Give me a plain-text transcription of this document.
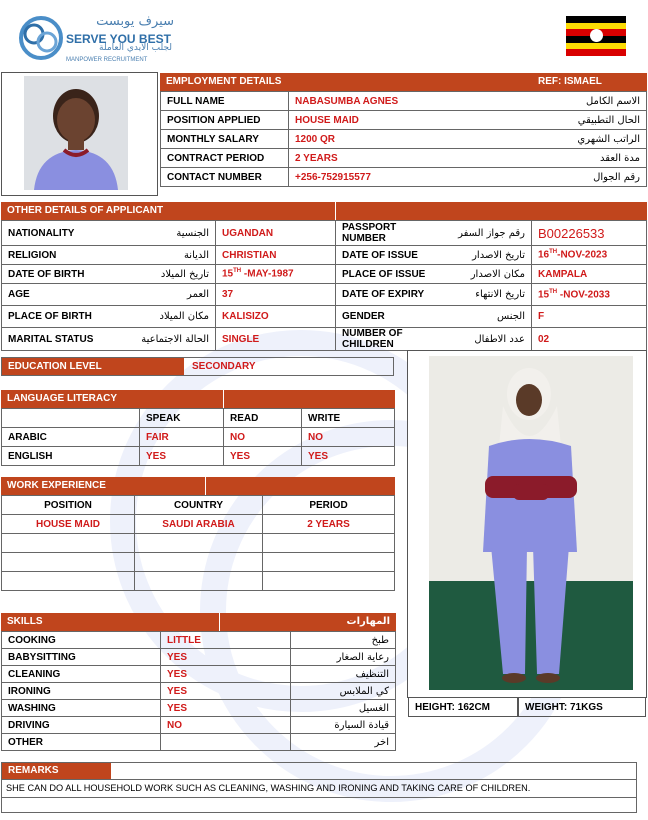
سيرف يوبست
SERVE YOU BEST
لجلب الايدي العاملة
MANPOWER RECRUITMENT
EMPLOYMENT DETAILS	REF: ISMAEL
FULL NAME	NABASUMBA AGNES	الاسم الكامل
POSITION APPLIED	HOUSE MAID	الحال التطبيقي
MONTHLY SALARY	1200 QR	الراتب الشهري
CONTRACT PERIOD	2 YEARS	مدة العقد
CONTACT NUMBER	+256-752915577	رقم الجوال
OTHER DETAILS OF APPLICANT
NATIONALITY	الجنسية	UGANDAN	PASSPORT NUMBER	رقم جواز السفر	B00226533
RELIGION	الديانة	CHRISTIAN	DATE OF ISSUE	تاريخ الاصدار	16TH-NOV-2023
DATE OF BIRTH	تاريخ الميلاد	15TH -MAY-1987	PLACE OF ISSUE	مكان الاصدار	KAMPALA
AGE	العمر	37	DATE OF EXPIRY	تاريخ الانتهاء	15TH -NOV-2033
PLACE OF BIRTH	مكان الميلاد	KALISIZO	GENDER	الجنس	F
MARITAL STATUS	الحالة الاجتماعية	SINGLE	NUMBER OF CHILDREN	عدد الاطفال	02
EDUCATION LEVEL	SECONDARY
LANGUAGE LITERACY
	SPEAK	READ	WRITE
ARABIC	FAIR	NO	NO
ENGLISH	YES	YES	YES
WORK EXPERIENCE
POSITION	COUNTRY	PERIOD
HOUSE MAID	SAUDI ARABIA	2 YEARS

SKILLS	المهارات
COOKING	LITTLE	طبخ
BABYSITTING	YES	رعاية الصغار
CLEANING	YES	التنظيف
IRONING	YES	كي الملابس
WASHING	YES	الغسيل
DRIVING	NO	قيادة السيارة
OTHER		اخر
HEIGHT: 162CM	WEIGHT: 71KGS
REMARKS
SHE CAN DO ALL HOUSEHOLD WORK SUCH AS CLEANING, WASHING AND IRONING AND TAKING CARE OF CHILDREN.
